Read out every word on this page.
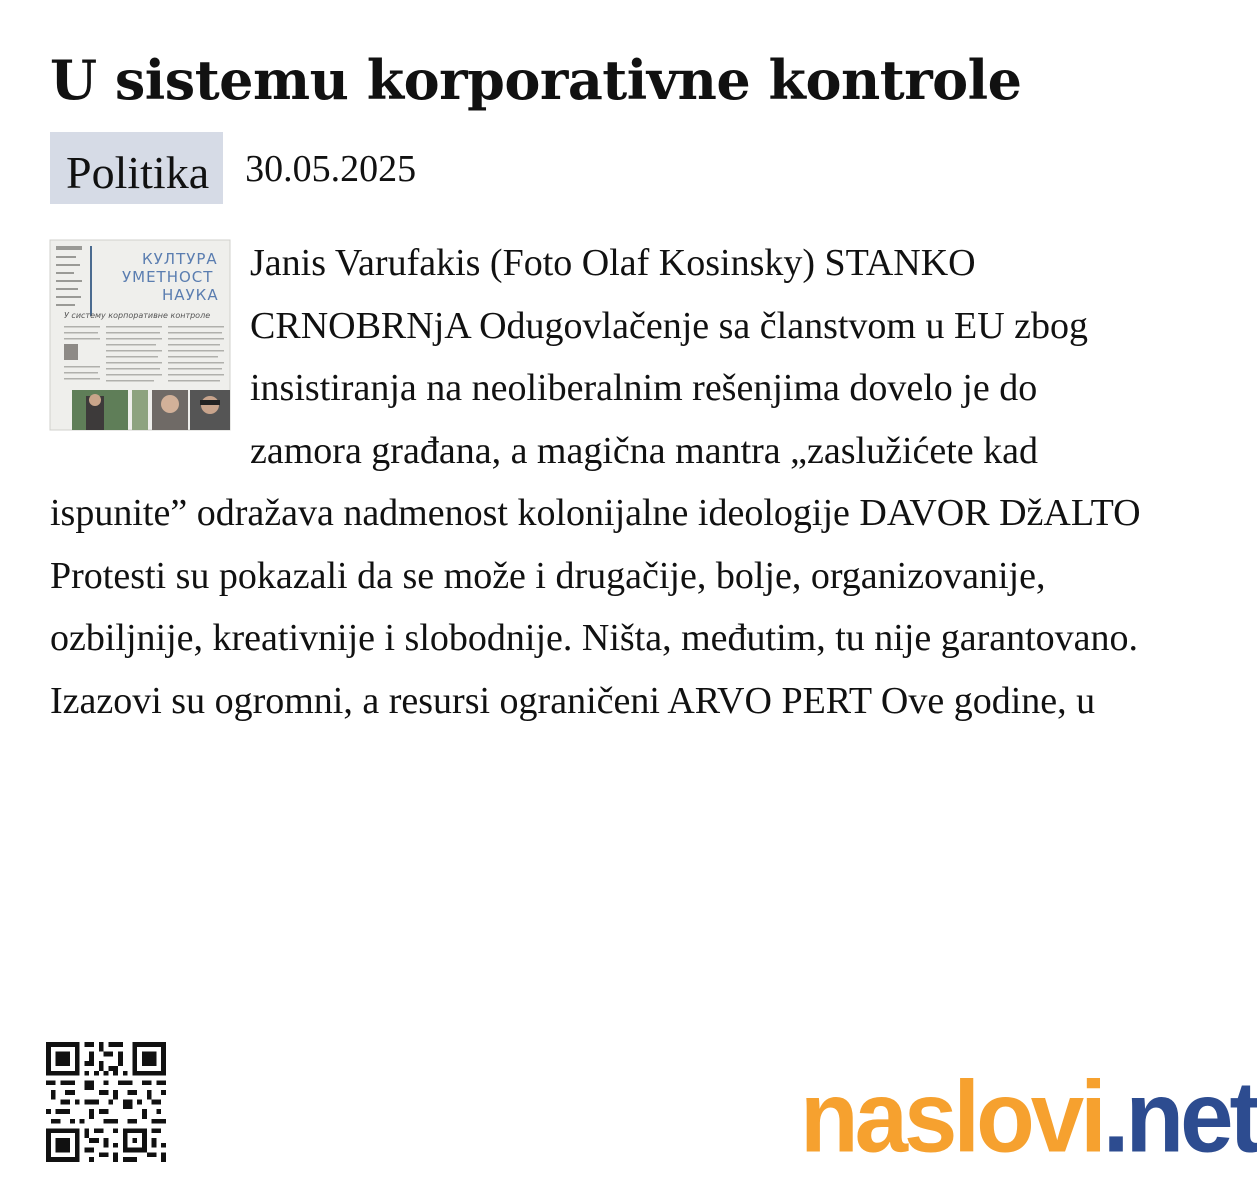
U sistemu korporativne kontrole
Politika 30.05.2025
КУЛТУРА
УМЕТНОСТ
НАУКА
У систему корпоративне контроле

Janis Varufakis (Foto Olaf Kosinsky) STANKO CRNOBRNjA Odugovlačenje sa članstvom u EU zbog insistiranja na neoliberalnim rešenjima dovelo je do zamora građana, a magična mantra „zaslužićete kad ispunite” odražava nadmenost kolonijalne ideologije DAVOR DžALTO Protesti su pokazali da se može i drugačije, bolje, organizovanije, ozbiljnije, kreativnije i slobodnije. Ništa, međutim, tu nije garantovano. Izazovi su ogromni, a resursi ograničeni ARVO PERT Ove godine, u

naslovi.net
